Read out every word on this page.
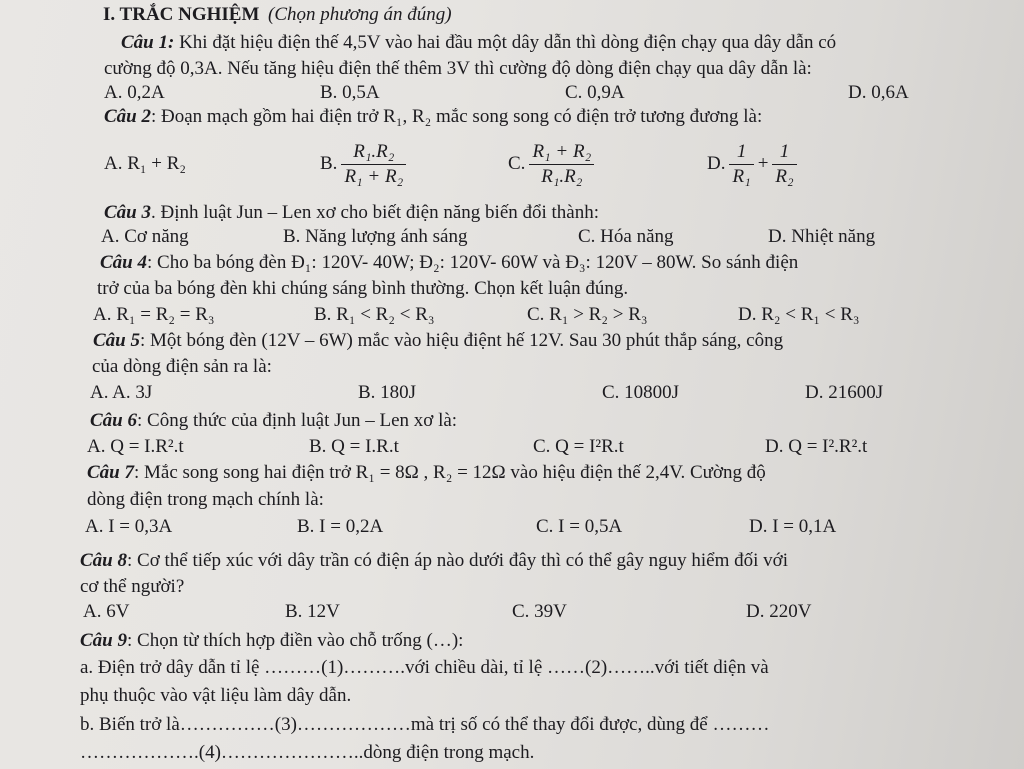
I. TRẮC NGHIỆM (Chọn phương án đúng)
Câu 1: Khi đặt hiệu điện thế 4,5V vào hai đầu một dây dẫn thì dòng điện chạy qua dây dẫn có
cường độ 0,3A. Nếu tăng hiệu điện thế thêm 3V thì cường độ dòng điện chạy qua dây dẫn là:
A. 0,2A	B. 0,5A	C. 0,9A	D. 0,6A
Câu 2: Đoạn mạch gồm hai điện trở R₁, R₂ mắc song song có điện trở tương đương là:
A. R₁ + R₂	B. $\frac{\text{R₁.R₂}}{\text{R₁ + R₂}}$	C. $\frac{\text{R₁ + R₂}}{\text{R₁.R₂}}$	D. $\frac{1}{\text{R₁}} + \frac{1}{\text{R₂}}$
Câu 3. Định luật Jun – Len xơ cho biết điện năng biến đổi thành:
A. Cơ năng	B. Năng lượng ánh sáng	C. Hóa năng	D. Nhiệt năng
Câu 4: Cho ba bóng đèn Đ₁: 120V- 40W; Đ₂: 120V- 60W và Đ₃: 120V – 80W. So sánh điện
trở của ba bóng đèn khi chúng sáng bình thường. Chọn kết luận đúng.
A. R₁ = R₂ = R₃	B. R₁ < R₂ < R₃	C. R₁ > R₂ > R₃	D. R₂ < R₁ < R₃
Câu 5: Một bóng đèn (12V – 6W) mắc vào hiệu điệnt hế 12V. Sau 30 phút thắp sáng, công
của dòng điện sản ra là:
A. A. 3J	B. 180J	C. 10800J	D. 21600J
Câu 6: Công thức của định luật Jun – Len xơ là:
A. Q = I.R².t	B. Q = I.R.t	C. Q = I²R.t	D. Q = I².R².t
Câu 7: Mắc song song hai điện trở R₁ = 8Ω , R₂ = 12Ω vào hiệu điện thế 2,4V. Cường độ
dòng điện trong mạch chính là:
A. I = 0,3A	B. I = 0,2A	C. I = 0,5A	D. I = 0,1A
Câu 8: Cơ thể tiếp xúc với dây trần có điện áp nào dưới đây thì có thể gây nguy hiểm đối với
cơ thể người?
A. 6V	B. 12V	C. 39V	D. 220V
Câu 9: Chọn từ thích hợp điền vào chỗ trống (…):
a. Điện trở dây dẫn tỉ lệ ………(1)……….với chiều dài, tỉ lệ ……(2)……..với tiết diện và
phụ thuộc vào vật liệu làm dây dẫn.
b. Biến trở là……………(3)………………mà trị số có thể thay đổi được, dùng để ………
……………….(4)…………………..dòng điện trong mạch.
